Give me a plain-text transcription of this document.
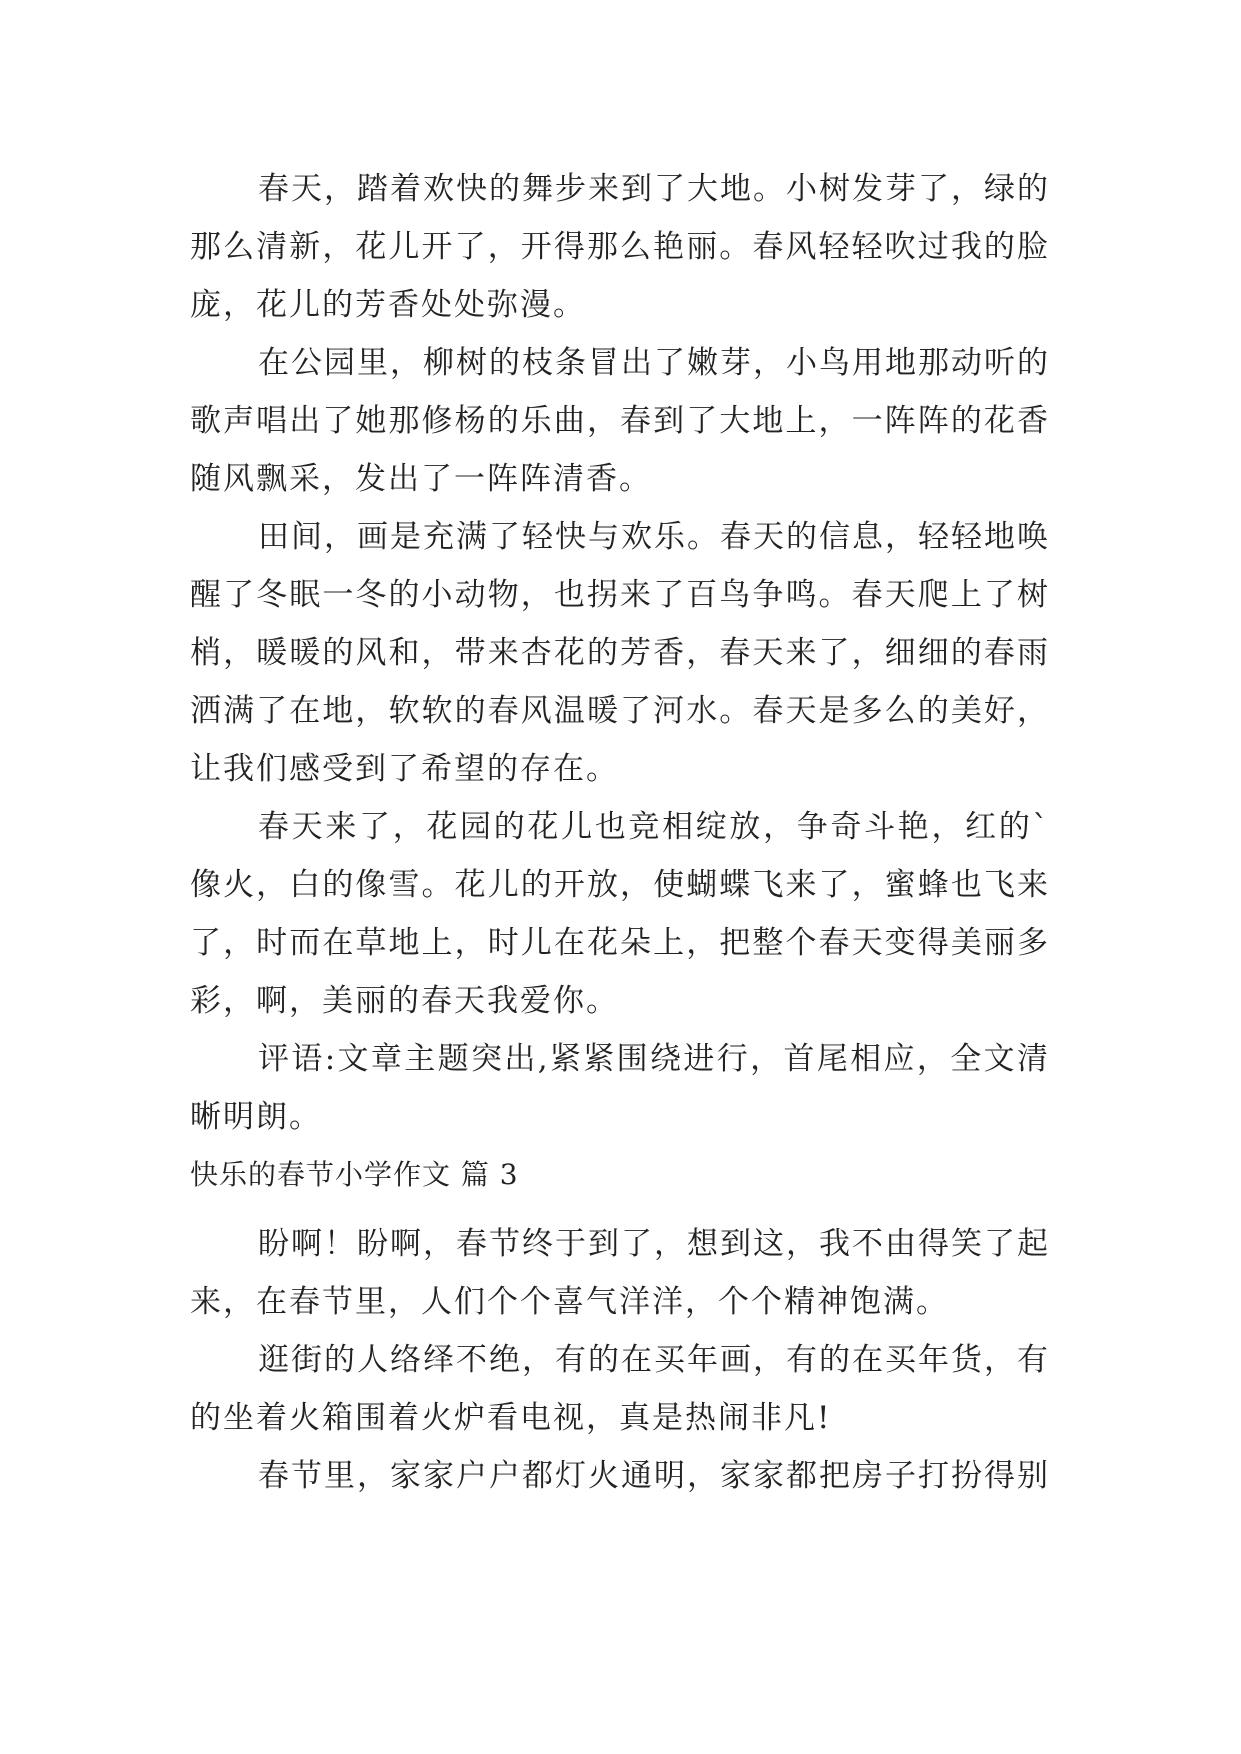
春天，踏着欢快的舞步来到了大地。小树发芽了，绿的那么清新，花儿开了，开得那么艳丽。春风轻轻吹过我的脸庞，花儿的芳香处处弥漫。

在公园里，柳树的枝条冒出了嫩芽，小鸟用地那动听的歌声唱出了她那修杨的乐曲，春到了大地上，一阵阵的花香随风飘采，发出了一阵阵清香。

田间，画是充满了轻快与欢乐。春天的信息，轻轻地唤醒了冬眠一冬的小动物，也拐来了百鸟争鸣。春天爬上了树梢，暖暖的风和，带来杏花的芳香，春天来了，细细的春雨洒满了在地，软软的春风温暖了河水。春天是多么的美好，让我们感受到了希望的存在。

春天来了，花园的花儿也竞相绽放，争奇斗艳，红的`像火，白的像雪。花儿的开放，使蝴蝶飞来了，蜜蜂也飞来了，时而在草地上，时儿在花朵上，把整个春天变得美丽多彩，啊，美丽的春天我爱你。

评语:文章主题突出,紧紧围绕进行，首尾相应，全文清晰明朗。

快乐的春节小学作文 篇 3

盼啊！盼啊，春节终于到了，想到这，我不由得笑了起来，在春节里，人们个个喜气洋洋，个个精神饱满。

逛街的人络绎不绝，有的在买年画，有的在买年货，有的坐着火箱围着火炉看电视，真是热闹非凡!

春节里，家家户户都灯火通明，家家都把房子打扮得别
